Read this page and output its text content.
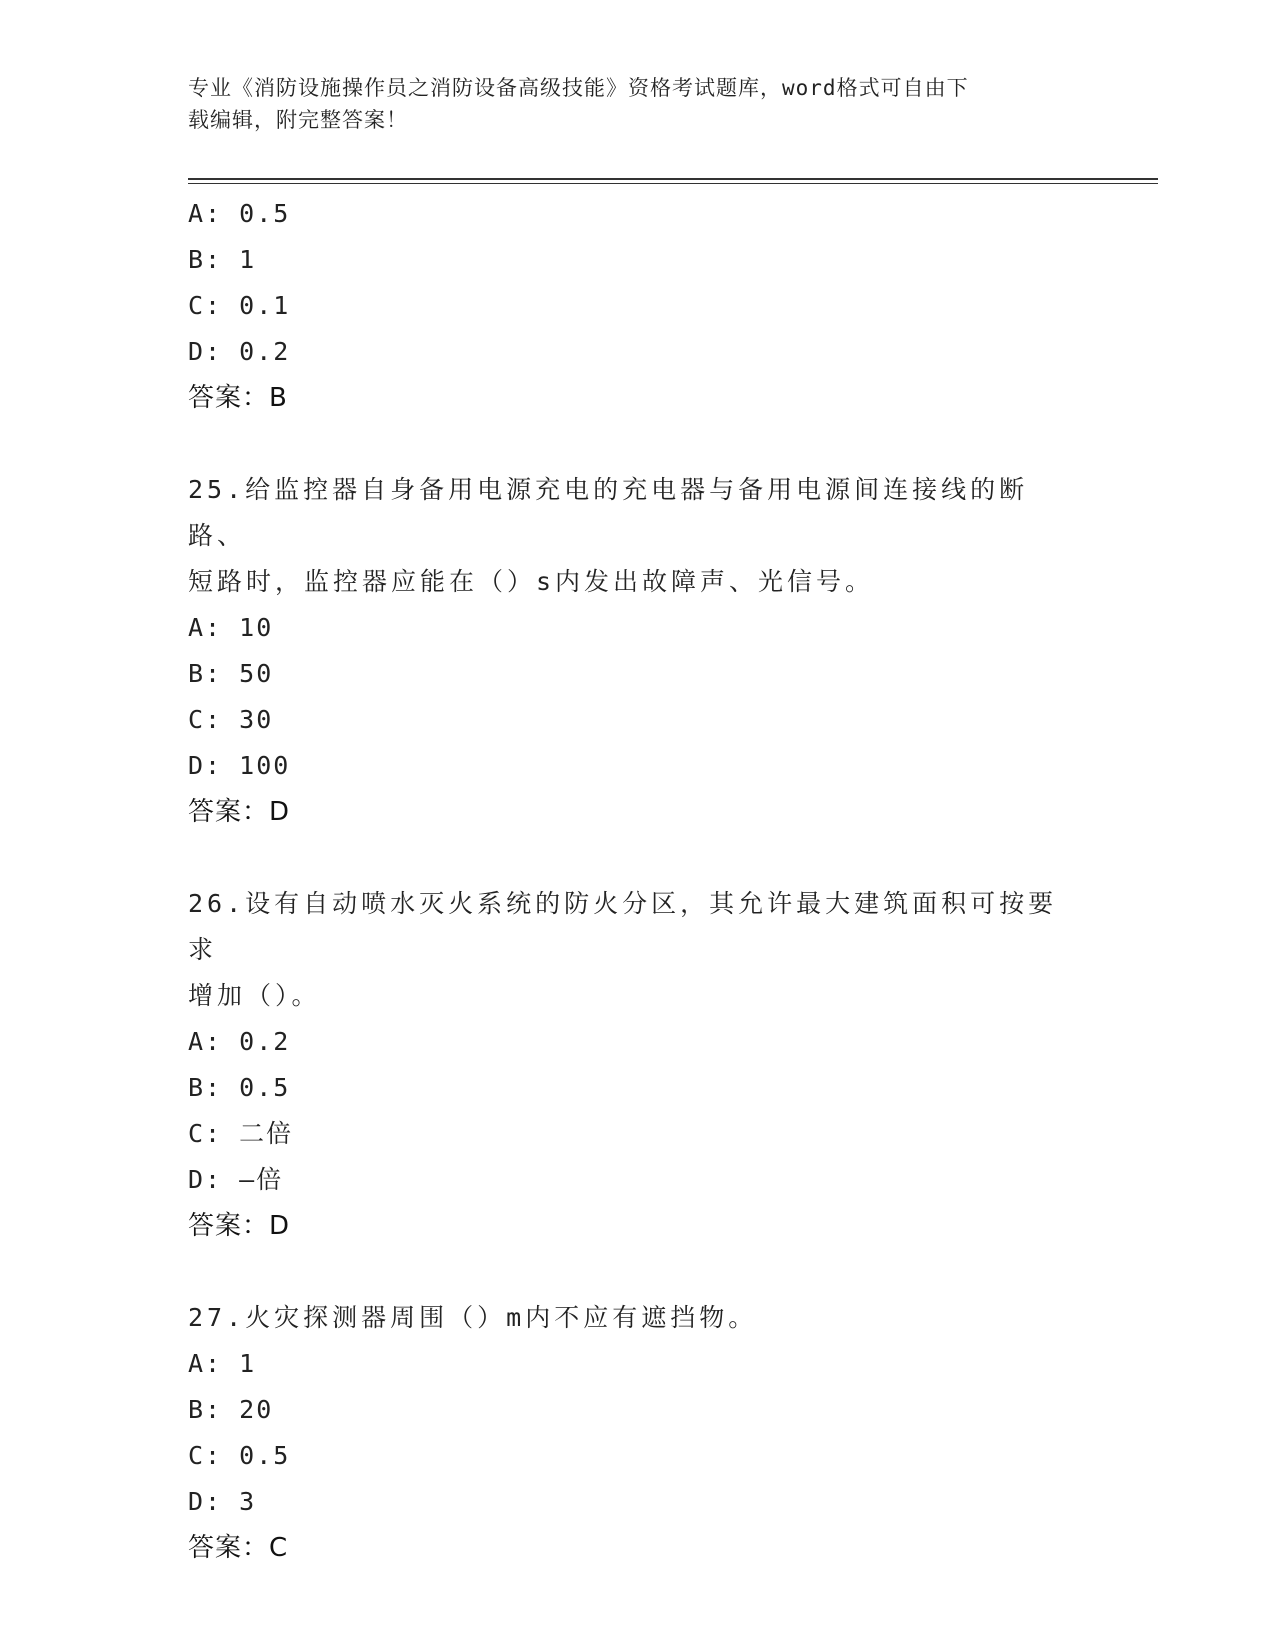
专业《消防设施操作员之消防设备高级技能》资格考试题库，word格式可自由下
载编辑，附完整答案！
A: 0.5
B: 1
C: 0.1
D: 0.2
答案：B
25.给监控器自身备用电源充电的充电器与备用电源间连接线的断路、
短路时，监控器应能在（）s内发出故障声、光信号。
A: 10
B: 50
C: 30
D: 100
答案：D
26.设有自动喷水灭火系统的防火分区，其允许最大建筑面积可按要求
增加（）。
A: 0.2
B: 0.5
C: 二倍
D: —倍
答案：D
27.火灾探测器周围（）m内不应有遮挡物。
A: 1
B: 20
C: 0.5
D: 3
答案：C
